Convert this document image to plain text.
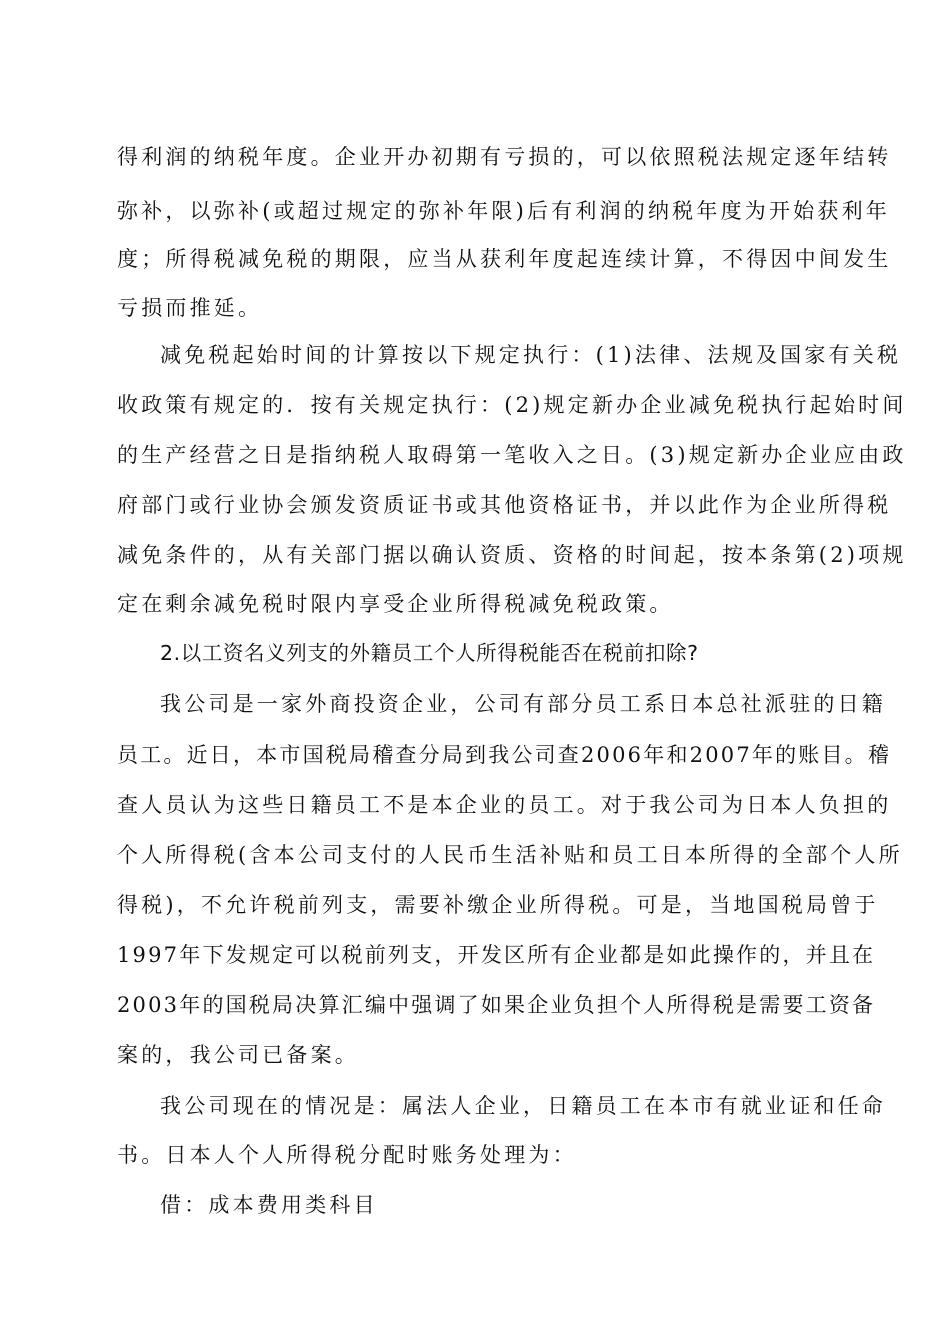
得利润的纳税年度。企业开办初期有亏损的，可以依照税法规定逐年结转
弥补，以弥补(或超过规定的弥补年限)后有利润的纳税年度为开始获利年
度；所得税减免税的期限，应当从获利年度起连续计算，不得因中间发生
亏损而推延。
减免税起始时间的计算按以下规定执行：(1)法律、法规及国家有关税
收政策有规定的．按有关规定执行：(2)规定新办企业减免税执行起始时间
的生产经营之日是指纳税人取碍第一笔收入之日。(3)规定新办企业应由政
府部门或行业协会颁发资质证书或其他资格证书，并以此作为企业所得税
减免条件的，从有关部门据以确认资质、资格的时间起，按本条第(2)项规
定在剩余减免税时限内享受企业所得税减免税政策。
2.以工资名义列支的外籍员工个人所得税能否在税前扣除?
我公司是一家外商投资企业，公司有部分员工系日本总社派驻的日籍
员工。近日，本市国税局稽查分局到我公司查2006年和2007年的账目。稽
查人员认为这些日籍员工不是本企业的员工。对于我公司为日本人负担的
个人所得税(含本公司支付的人民币生活补贴和员工日本所得的全部个人所
得税)，不允许税前列支，需要补缴企业所得税。可是，当地国税局曾于
1997年下发规定可以税前列支，开发区所有企业都是如此操作的，并且在
2003年的国税局决算汇编中强调了如果企业负担个人所得税是需要工资备
案的，我公司已备案。
我公司现在的情况是：属法人企业，日籍员工在本市有就业证和任命
书。日本人个人所得税分配时账务处理为：
借：成本费用类科目
